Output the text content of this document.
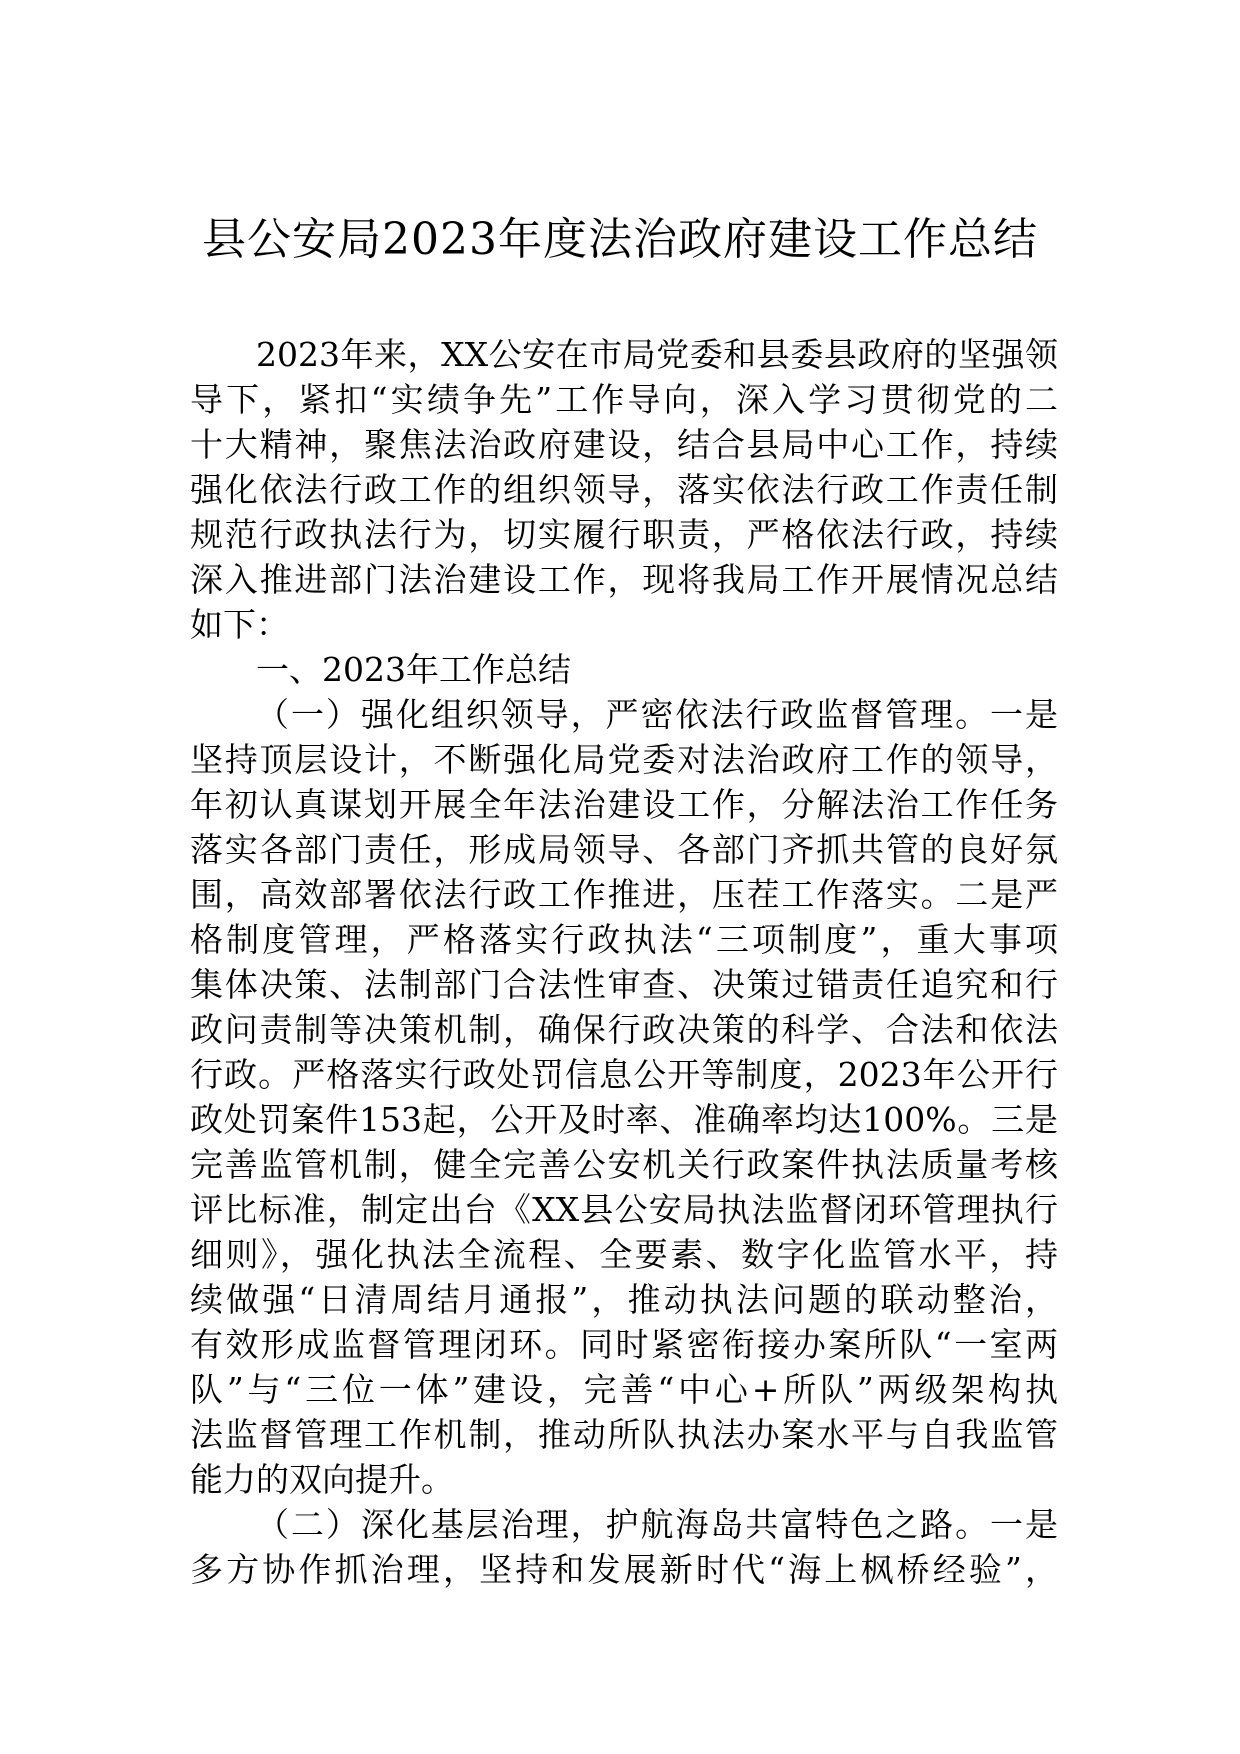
县公安局2023年度法治政府建设工作总结
2023年来，XX公安在市局党委和县委县政府的坚强领
导下，紧扣“实绩争先”工作导向，深入学习贯彻党的二
十大精神，聚焦法治政府建设，结合县局中心工作，持续
强化依法行政工作的组织领导，落实依法行政工作责任制
规范行政执法行为，切实履行职责，严格依法行政，持续
深入推进部门法治建设工作，现将我局工作开展情况总结
如下：
一、2023年工作总结
（一）强化组织领导，严密依法行政监督管理。一是
坚持顶层设计，不断强化局党委对法治政府工作的领导，
年初认真谋划开展全年法治建设工作，分解法治工作任务
落实各部门责任，形成局领导、各部门齐抓共管的良好氛
围，高效部署依法行政工作推进，压茬工作落实。二是严
格制度管理，严格落实行政执法“三项制度”，重大事项
集体决策、法制部门合法性审查、决策过错责任追究和行
政问责制等决策机制，确保行政决策的科学、合法和依法
行政。严格落实行政处罚信息公开等制度，2023年公开行
政处罚案件153起，公开及时率、准确率均达100%。三是
完善监管机制，健全完善公安机关行政案件执法质量考核
评比标准，制定出台《XX县公安局执法监督闭环管理执行
细则》，强化执法全流程、全要素、数字化监管水平，持
续做强“日清周结月通报”，推动执法问题的联动整治，
有效形成监督管理闭环。同时紧密衔接办案所队“一室两
队”与“三位一体”建设，完善“中心+所队”两级架构执
法监督管理工作机制，推动所队执法办案水平与自我监管
能力的双向提升。
（二）深化基层治理，护航海岛共富特色之路。一是
多方协作抓治理，坚持和发展新时代“海上枫桥经验”，
